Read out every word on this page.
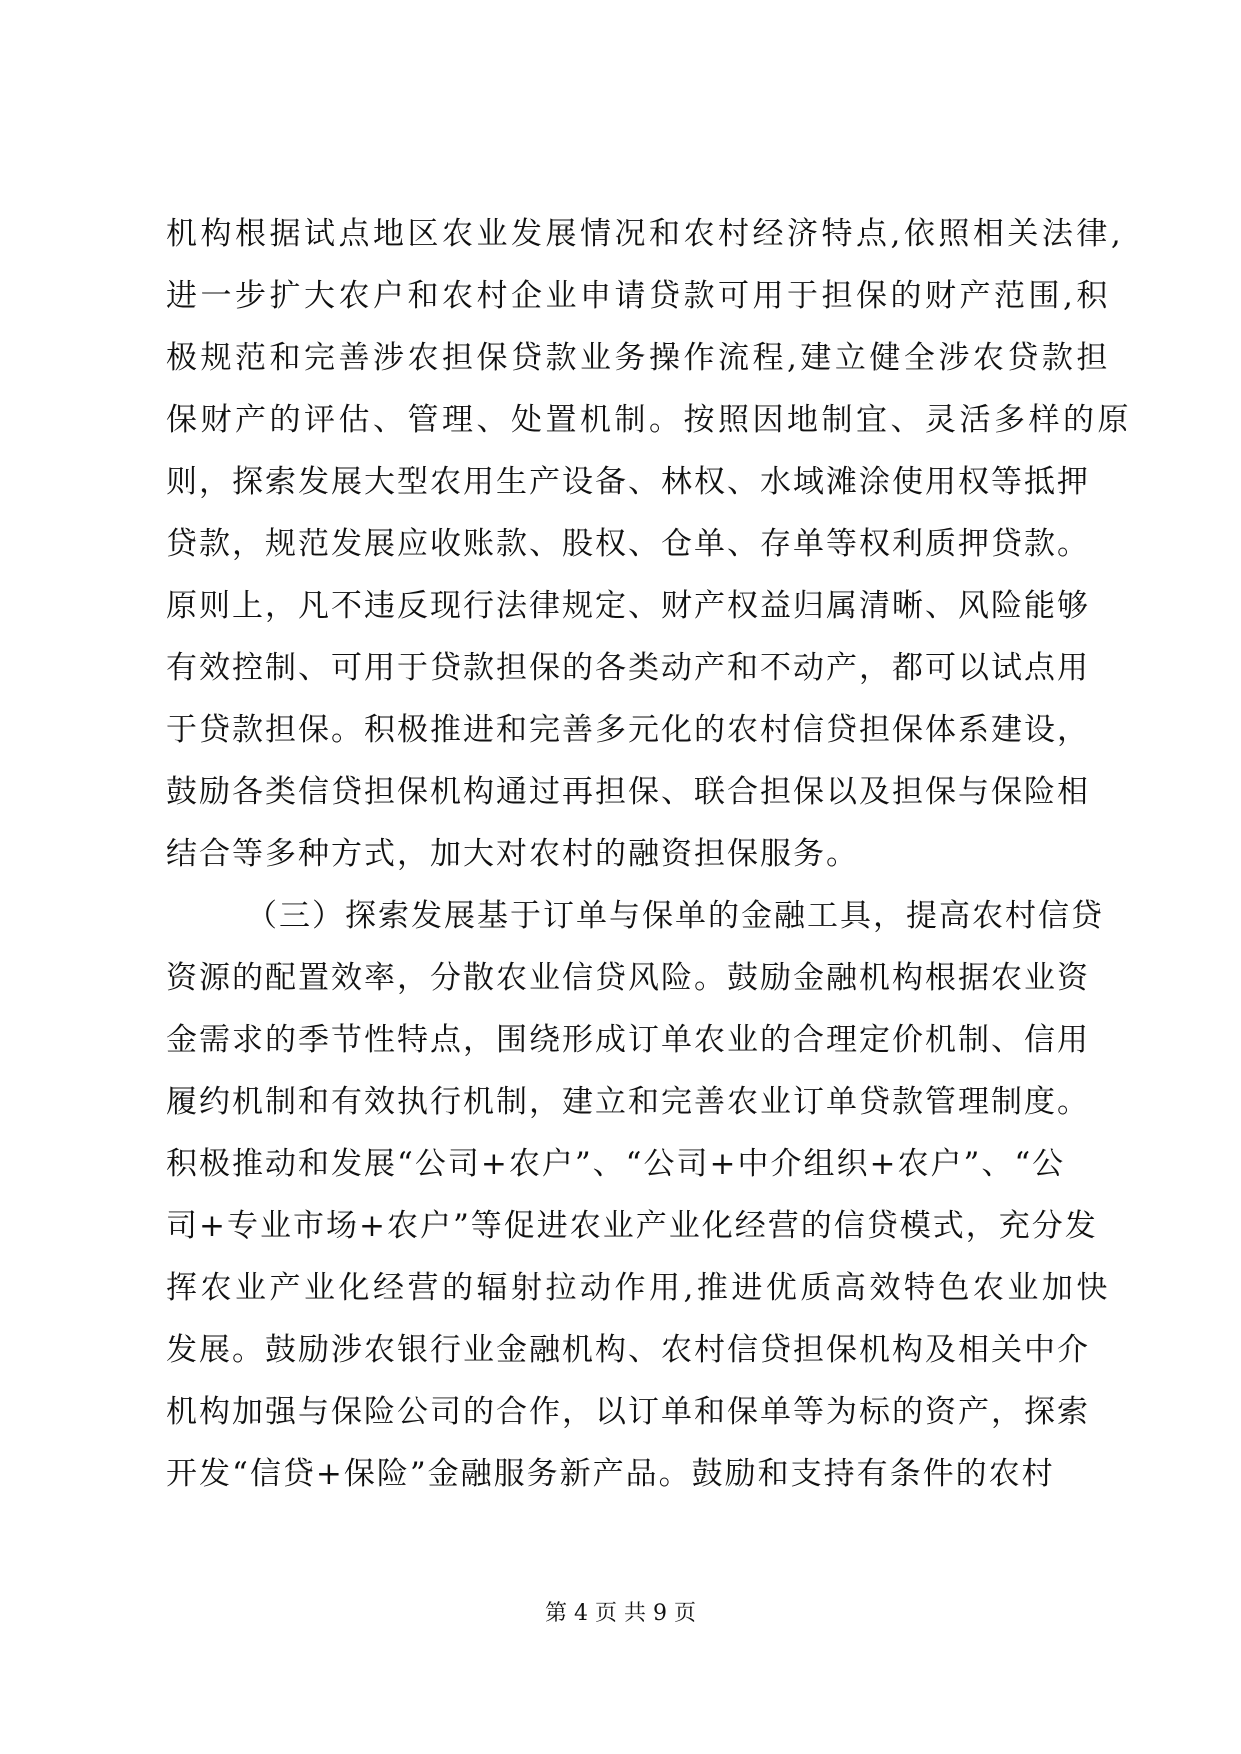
机构根据试点地区农业发展情况和农村经济特点,依照相关法律,
进一步扩大农户和农村企业申请贷款可用于担保的财产范围,积
极规范和完善涉农担保贷款业务操作流程,建立健全涉农贷款担
保财产的评估、管理、处置机制。按照因地制宜、灵活多样的原
则，探索发展大型农用生产设备、林权、水域滩涂使用权等抵押
贷款，规范发展应收账款、股权、仓单、存单等权利质押贷款。
原则上，凡不违反现行法律规定、财产权益归属清晰、风险能够
有效控制、可用于贷款担保的各类动产和不动产，都可以试点用
于贷款担保。积极推进和完善多元化的农村信贷担保体系建设，
鼓励各类信贷担保机构通过再担保、联合担保以及担保与保险相
结合等多种方式，加大对农村的融资担保服务。
（三）探索发展基于订单与保单的金融工具，提高农村信贷
资源的配置效率，分散农业信贷风险。鼓励金融机构根据农业资
金需求的季节性特点，围绕形成订单农业的合理定价机制、信用
履约机制和有效执行机制，建立和完善农业订单贷款管理制度。
积极推动和发展“公司+农户”、“公司+中介组织+农户”、“公
司+专业市场+农户”等促进农业产业化经营的信贷模式，充分发
挥农业产业化经营的辐射拉动作用,推进优质高效特色农业加快
发展。鼓励涉农银行业金融机构、农村信贷担保机构及相关中介
机构加强与保险公司的合作，以订单和保单等为标的资产，探索
开发“信贷+保险”金融服务新产品。鼓励和支持有条件的农村
第 4 页 共 9 页
